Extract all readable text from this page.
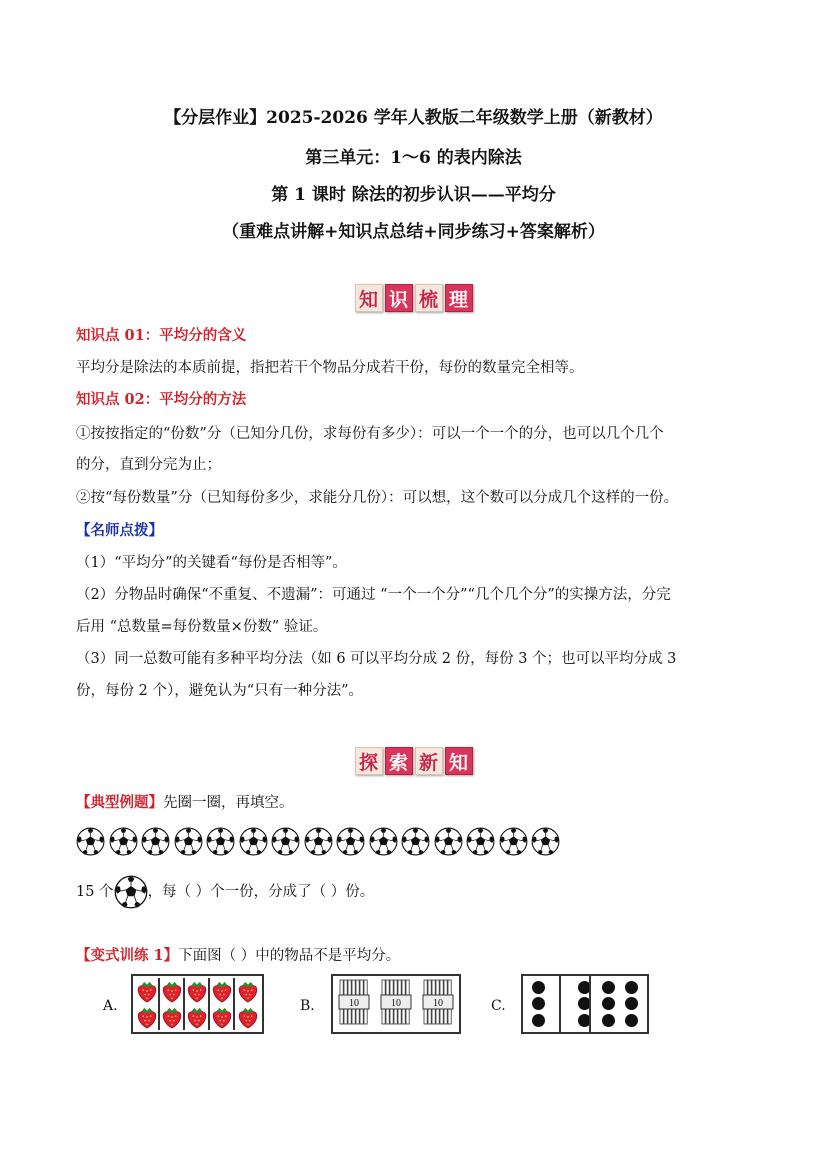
【分层作业】2025-2026 学年人教版二年级数学上册（新教材）
第三单元：1～6 的表内除法
第 1 课时 除法的初步认识——平均分
（重难点讲解+知识点总结+同步练习+答案解析）
知 识 梳 理
知识点 01：平均分的含义
平均分是除法的本质前提，指把若干个物品分成若干份，每份的数量完全相等。
知识点 02：平均分的方法
①按按指定的“份数”分（已知分几份，求每份有多少）：可以一个一个的分，也可以几个几个
的分，直到分完为止；
②按“每份数量”分（已知每份多少，求能分几份）：可以想，这个数可以分成几个这样的一份。
【名师点拨】
（1）“平均分”的关键看“每份是否相等”。
（2）分物品时确保“不重复、不遗漏”：可通过 “一个一个分”“几个几个分”的实操方法，分完
后用 “总数量=每份数量×份数” 验证。
（3）同一总数可能有多种平均分法（如 6 可以平均分成 2 份，每份 3 个；也可以平均分成 3
份，每份 2 个），避免认为“只有一种分法”。
探 索 新 知
【典型例题】先圈一圈，再填空。
15 个 ，每（ ）个一份，分成了（ ）份。
【变式训练 1】下面图（ ）中的物品不是平均分。
A.	B.	10	10	10	C.
